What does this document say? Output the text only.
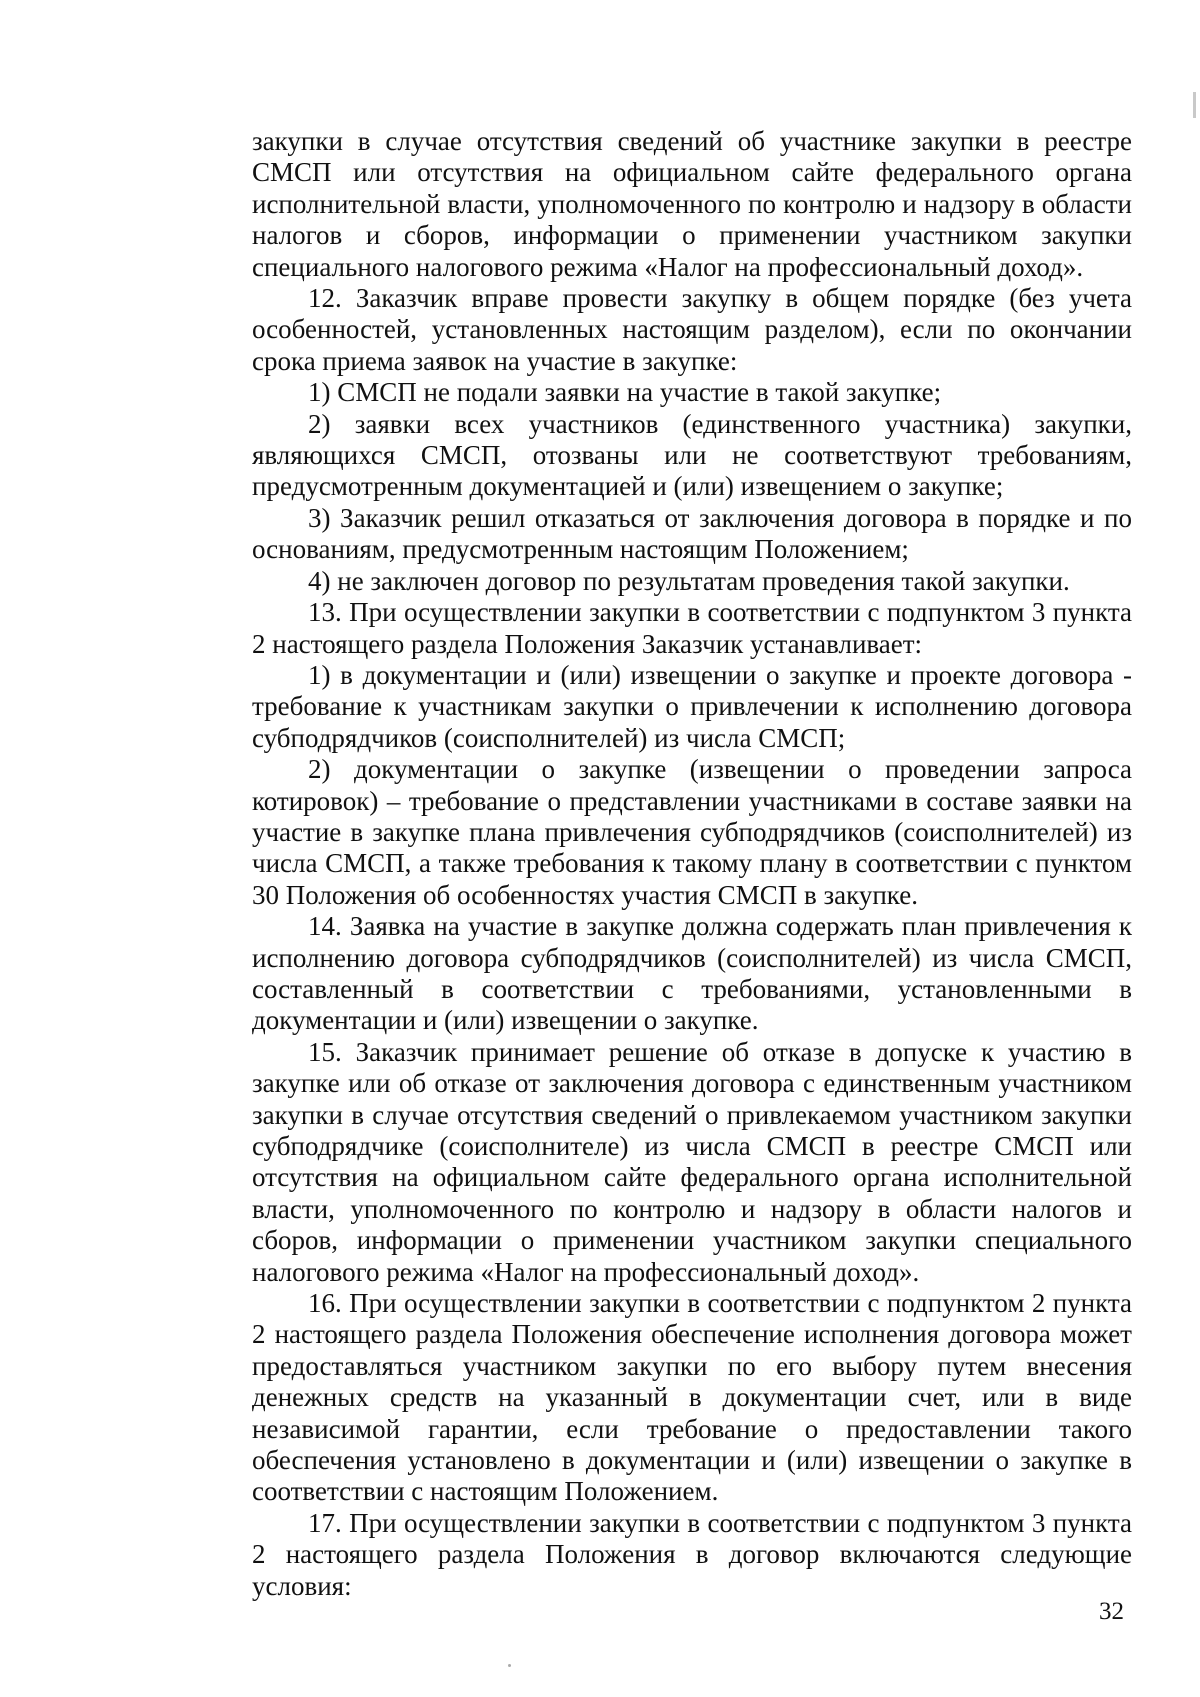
закупки в случае отсутствия сведений об участнике закупки в реестре СМСП или отсутствия на официальном сайте федерального органа исполнительной власти, уполномоченного по контролю и надзору в области налогов и сборов, информации о применении участником закупки специального налогового режима «Налог на профессиональный доход».

12. Заказчик вправе провести закупку в общем порядке (без учета особенностей, установленных настоящим разделом), если по окончании срока приема заявок на участие в закупке:

1) СМСП не подали заявки на участие в такой закупке;

2) заявки всех участников (единственного участника) закупки, являющихся СМСП, отозваны или не соответствуют требованиям, предусмотренным документацией и (или) извещением о закупке;

3) Заказчик решил отказаться от заключения договора в порядке и по основаниям, предусмотренным настоящим Положением;

4) не заключен договор по результатам проведения такой закупки.

13. При осуществлении закупки в соответствии с подпунктом 3 пункта 2 настоящего раздела Положения Заказчик устанавливает:

1) в документации и (или) извещении о закупке и проекте договора - требование к участникам закупки о привлечении к исполнению договора субподрядчиков (соисполнителей) из числа СМСП;

2) документации о закупке (извещении о проведении запроса котировок) – требование о представлении участниками в составе заявки на участие в закупке плана привлечения субподрядчиков (соисполнителей) из числа СМСП, а также требования к такому плану в соответствии с пунктом 30 Положения об особенностях участия СМСП в закупке.

14. Заявка на участие в закупке должна содержать план привлечения к исполнению договора субподрядчиков (соисполнителей) из числа СМСП, составленный в соответствии с требованиями, установленными в документации и (или) извещении о закупке.

15. Заказчик принимает решение об отказе в допуске к участию в закупке или об отказе от заключения договора с единственным участником закупки в случае отсутствия сведений о привлекаемом участником закупки субподрядчике (соисполнителе) из числа СМСП в реестре СМСП или отсутствия на официальном сайте федерального органа исполнительной власти, уполномоченного по контролю и надзору в области налогов и сборов, информации о применении участником закупки специального налогового режима «Налог на профессиональный доход».

16. При осуществлении закупки в соответствии с подпунктом 2 пункта 2 настоящего раздела Положения обеспечение исполнения договора может предоставляться участником закупки по его выбору путем внесения денежных средств на указанный в документации счет, или в виде независимой гарантии, если требование о предоставлении такого обеспечения установлено в документации и (или) извещении о закупке в соответствии с настоящим Положением.

17. При осуществлении закупки в соответствии с подпунктом 3 пункта 2 настоящего раздела Положения в договор включаются следующие условия:

32
